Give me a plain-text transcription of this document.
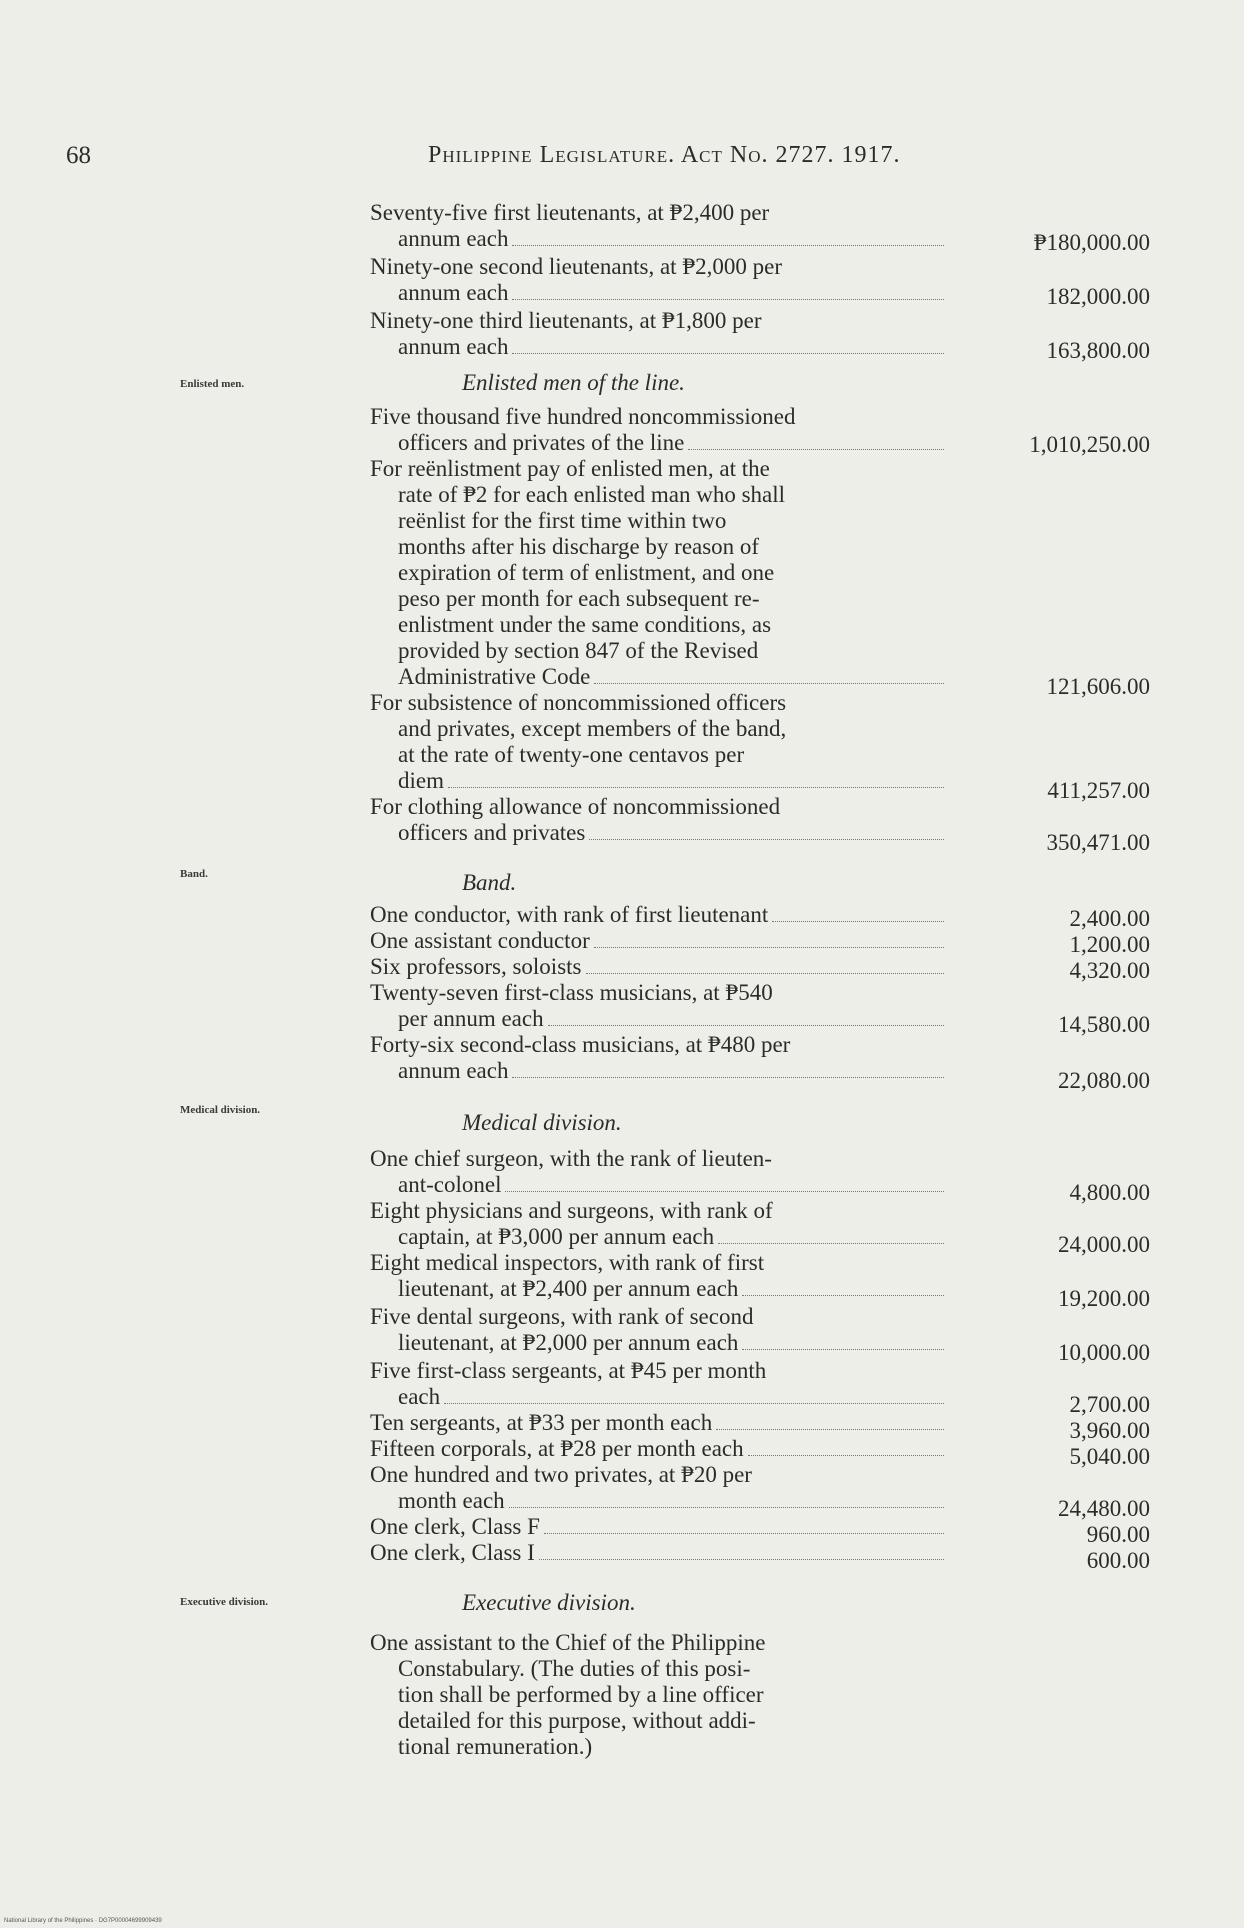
68	Philippine Legislature. Act No. 2727. 1917.
Seventy-five first lieutenants, at ₱2,400 per
annum each	₱180,000.00
Ninety-one second lieutenants, at ₱2,000 per
annum each	182,000.00
Ninety-one third lieutenants, at ₱1,800 per
annum each	163,800.00
Enlisted men.	Enlisted men of the line.
Five thousand five hundred noncommissioned
officers and privates of the line	1,010,250.00
For reënlistment pay of enlisted men, at the
rate of ₱2 for each enlisted man who shall
reënlist for the first time within two
months after his discharge by reason of
expiration of term of enlistment, and one
peso per month for each subsequent re-
enlistment under the same conditions, as
provided by section 847 of the Revised
Administrative Code	121,606.00
For subsistence of noncommissioned officers
and privates, except members of the band,
at the rate of twenty-one centavos per
diem	411,257.00
For clothing allowance of noncommissioned
officers and privates	350,471.00
Band.	Band.
One conductor, with rank of first lieutenant	2,400.00
One assistant conductor	1,200.00
Six professors, soloists	4,320.00
Twenty-seven first-class musicians, at ₱540
per annum each	14,580.00
Forty-six second-class musicians, at ₱480 per
annum each	22,080.00
Medical division.	Medical division.
One chief surgeon, with the rank of lieuten-
ant-colonel	4,800.00
Eight physicians and surgeons, with rank of
captain, at ₱3,000 per annum each	24,000.00
Eight medical inspectors, with rank of first
lieutenant, at ₱2,400 per annum each	19,200.00
Five dental surgeons, with rank of second
lieutenant, at ₱2,000 per annum each	10,000.00
Five first-class sergeants, at ₱45 per month
each	2,700.00
Ten sergeants, at ₱33 per month each	3,960.00
Fifteen corporals, at ₱28 per month each	5,040.00
One hundred and two privates, at ₱20 per
month each	24,480.00
One clerk, Class F	960.00
One clerk, Class I	600.00
Executive division.	Executive division.
One assistant to the Chief of the Philippine
Constabulary. (The duties of this posi-
tion shall be performed by a line officer
detailed for this purpose, without addi-
tional remuneration.)
National Library of the Philippines · DG7P00004699909439
